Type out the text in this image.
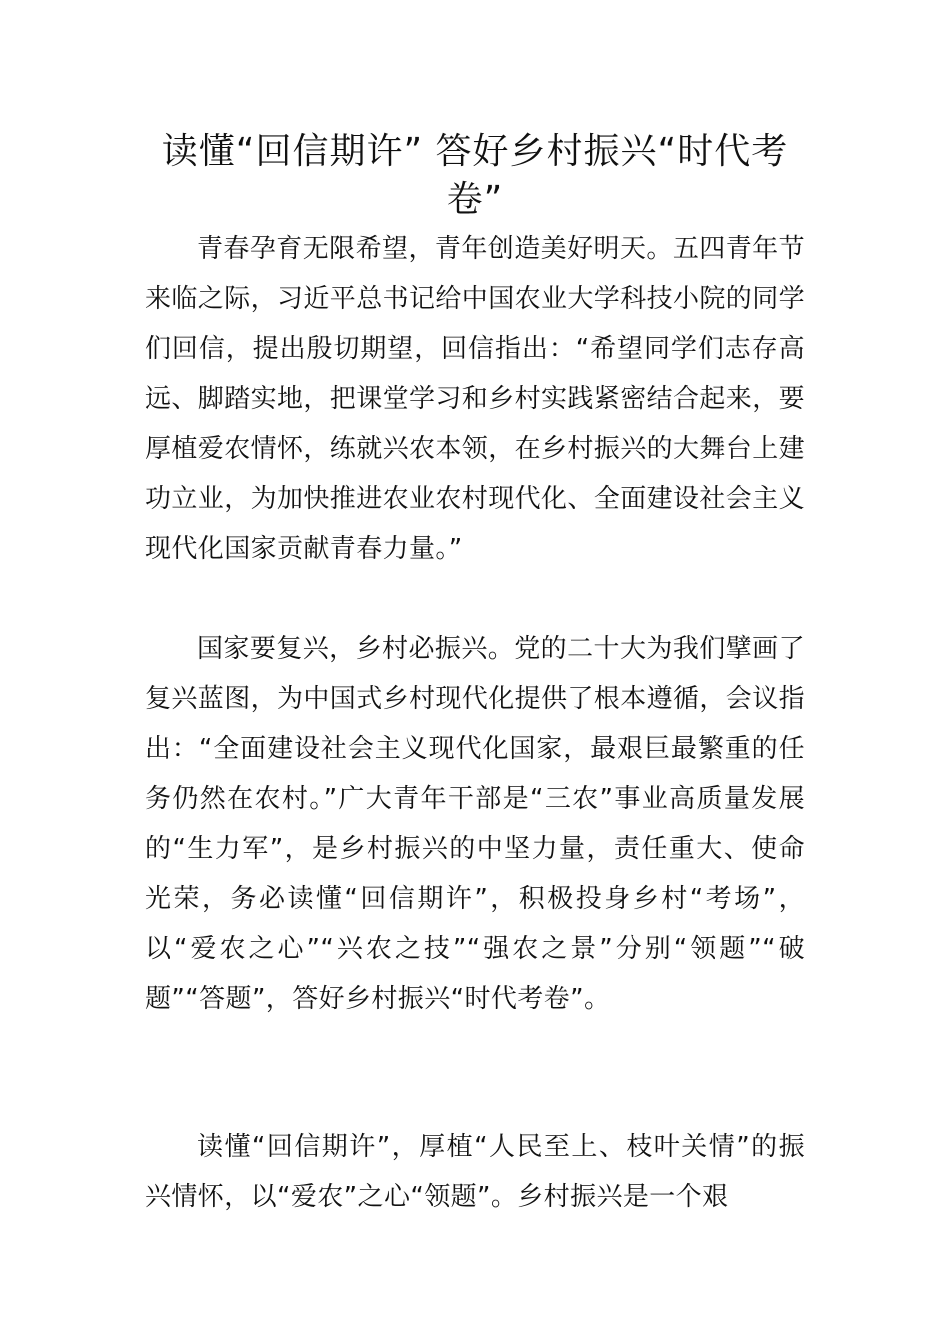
读懂“回信期许” 答好乡村振兴“时代考卷”

青春孕育无限希望，青年创造美好明天。五四青年节来临之际，习近平总书记给中国农业大学科技小院的同学们回信，提出殷切期望，回信指出：“希望同学们志存高远、脚踏实地，把课堂学习和乡村实践紧密结合起来，要厚植爱农情怀，练就兴农本领，在乡村振兴的大舞台上建功立业，为加快推进农业农村现代化、全面建设社会主义现代化国家贡献青春力量。”

国家要复兴，乡村必振兴。党的二十大为我们擘画了复兴蓝图，为中国式乡村现代化提供了根本遵循，会议指出：“全面建设社会主义现代化国家，最艰巨最繁重的任务仍然在农村。”广大青年干部是“三农”事业高质量发展的“生力军”，是乡村振兴的中坚力量，责任重大、使命光荣，务必读懂“回信期许”，积极投身乡村“考场”，以“爱农之心”“兴农之技”“强农之景”分别“领题”“破题”“答题”，答好乡村振兴“时代考卷”。

读懂“回信期许”，厚植“人民至上、枝叶关情”的振兴情怀，以“爱农”之心“领题”。乡村振兴是一个艰
